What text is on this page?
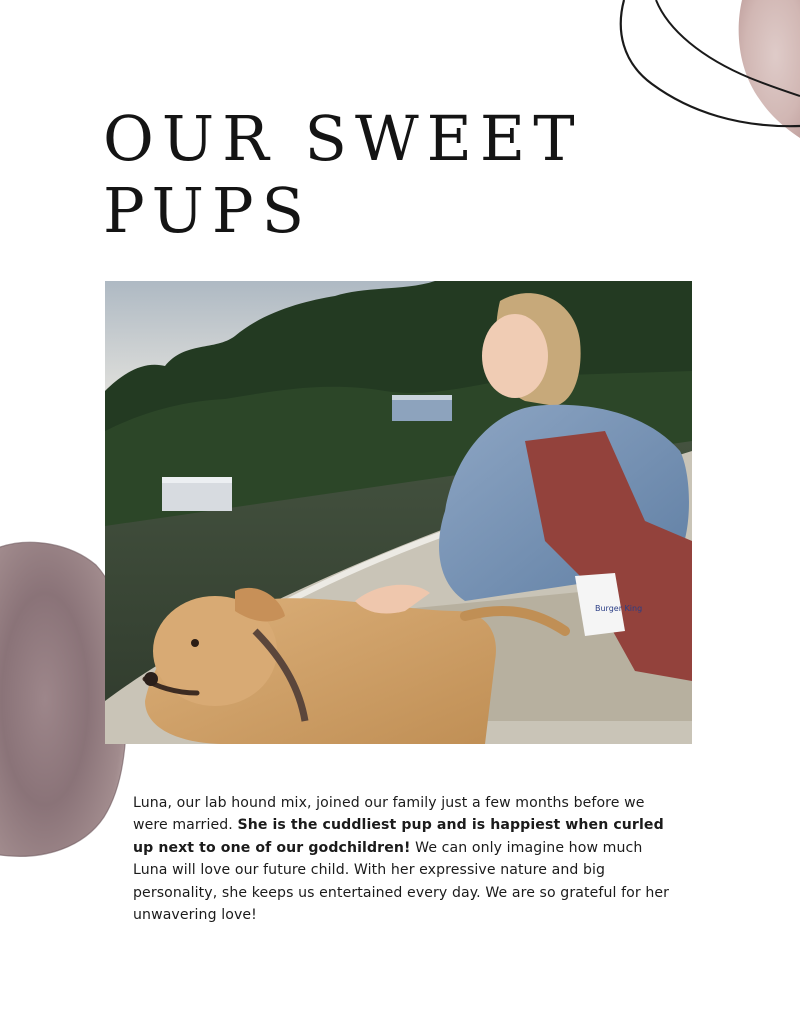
OUR SWEET
PUPS
Burger King

Luna, our lab hound mix, joined our family just a few months before we were married. She is the cuddliest pup and is happiest when curled up next to one of our godchildren! We can only imagine how much Luna will love our future child. With her expressive nature and big personality, she keeps us entertained every day. We are so grateful for her unwavering love!
